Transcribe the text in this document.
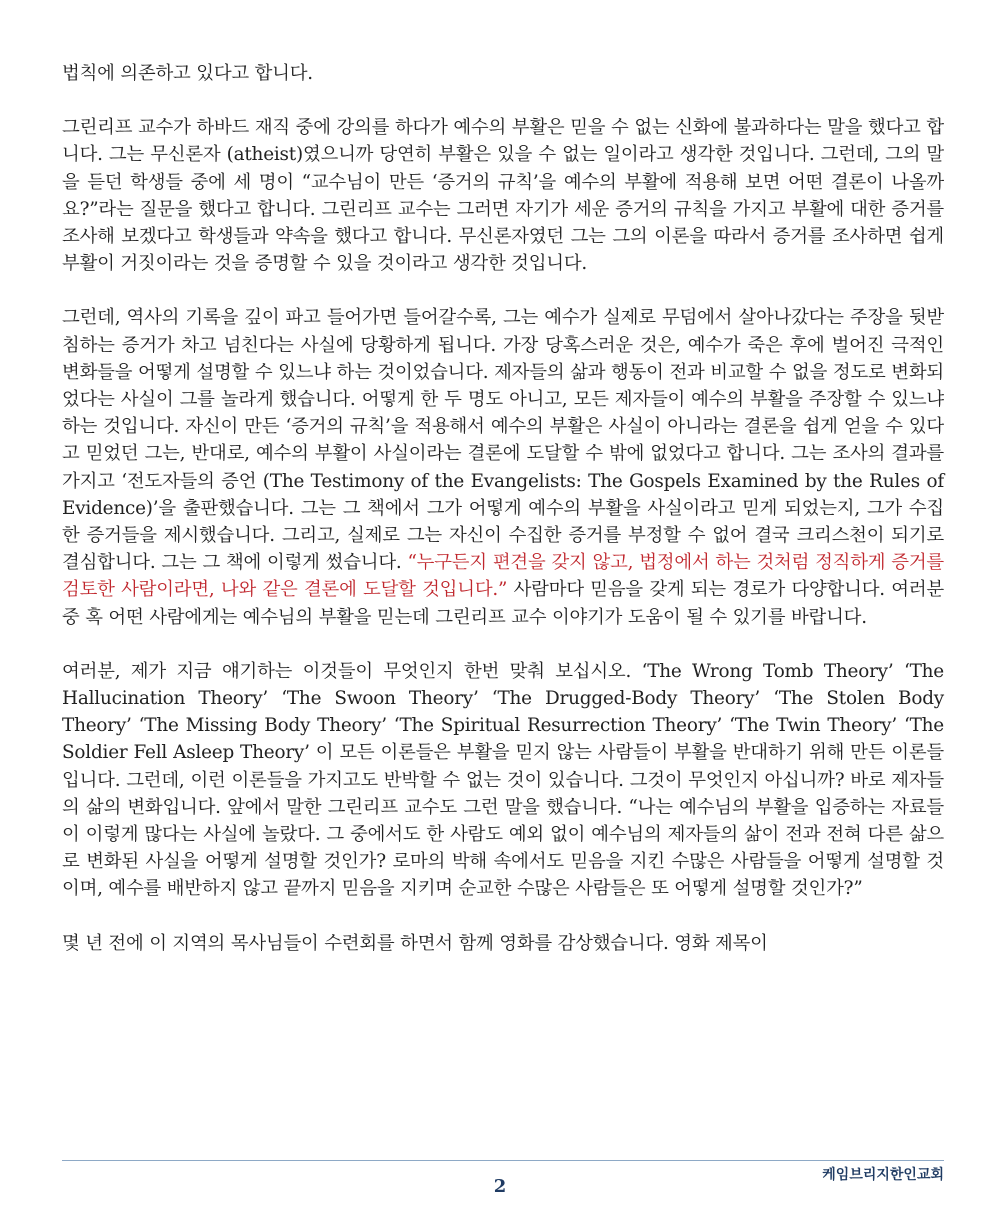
법칙에 의존하고 있다고 합니다.

그린리프 교수가 하바드 재직 중에 강의를 하다가 예수의 부활은 믿을 수 없는 신화에 불과하다는 말을 했다고 합니다. 그는 무신론자 (atheist)였으니까 당연히 부활은 있을 수 없는 일이라고 생각한 것입니다. 그런데, 그의 말을 듣던 학생들 중에 세 명이 “교수님이 만든 ‘증거의 규칙’을 예수의 부활에 적용해 보면 어떤 결론이 나올까요?”라는 질문을 했다고 합니다. 그린리프 교수는 그러면 자기가 세운 증거의 규칙을 가지고 부활에 대한 증거를 조사해 보겠다고 학생들과 약속을 했다고 합니다. 무신론자였던 그는 그의 이론을 따라서 증거를 조사하면 쉽게 부활이 거짓이라는 것을 증명할 수 있을 것이라고 생각한 것입니다.

그런데, 역사의 기록을 깊이 파고 들어가면 들어갈수록, 그는 예수가 실제로 무덤에서 살아나갔다는 주장을 뒷받침하는 증거가 차고 넘친다는 사실에 당황하게 됩니다. 가장 당혹스러운 것은, 예수가 죽은 후에 벌어진 극적인 변화들을 어떻게 설명할 수 있느냐 하는 것이었습니다. 제자들의 삶과 행동이 전과 비교할 수 없을 정도로 변화되었다는 사실이 그를 놀라게 했습니다. 어떻게 한 두 명도 아니고, 모든 제자들이 예수의 부활을 주장할 수 있느냐 하는 것입니다. 자신이 만든 ‘증거의 규칙’을 적용해서 예수의 부활은 사실이 아니라는 결론을 쉽게 얻을 수 있다고 믿었던 그는, 반대로, 예수의 부활이 사실이라는 결론에 도달할 수 밖에 없었다고 합니다. 그는 조사의 결과를 가지고 ‘전도자들의 증언 (The Testimony of the Evangelists: The Gospels Examined by the Rules of Evidence)’을 출판했습니다. 그는 그 책에서 그가 어떻게 예수의 부활을 사실이라고 믿게 되었는지, 그가 수집한 증거들을 제시했습니다. 그리고, 실제로 그는 자신이 수집한 증거를 부정할 수 없어 결국 크리스천이 되기로 결심합니다. 그는 그 책에 이렇게 썼습니다. “누구든지 편견을 갖지 않고, 법정에서 하는 것처럼 정직하게 증거를 검토한 사람이라면, 나와 같은 결론에 도달할 것입니다.” 사람마다 믿음을 갖게 되는 경로가 다양합니다. 여러분 중 혹 어떤 사람에게는 예수님의 부활을 믿는데 그린리프 교수 이야기가 도움이 될 수 있기를 바랍니다.

여러분, 제가 지금 얘기하는 이것들이 무엇인지 한번 맞춰 보십시오. ‘The Wrong Tomb Theory’ ‘The Hallucination Theory’ ‘The Swoon Theory’ ‘The Drugged-Body Theory’ ‘The Stolen Body Theory’ ‘The Missing Body Theory’ ‘The Spiritual Resurrection Theory’ ‘The Twin Theory’ ‘The Soldier Fell Asleep Theory’ 이 모든 이론들은 부활을 믿지 않는 사람들이 부활을 반대하기 위해 만든 이론들입니다. 그런데, 이런 이론들을 가지고도 반박할 수 없는 것이 있습니다. 그것이 무엇인지 아십니까? 바로 제자들의 삶의 변화입니다. 앞에서 말한 그린리프 교수도 그런 말을 했습니다. “나는 예수님의 부활을 입증하는 자료들이 이렇게 많다는 사실에 놀랐다. 그 중에서도 한 사람도 예외 없이 예수님의 제자들의 삶이 전과 전혀 다른 삶으로 변화된 사실을 어떻게 설명할 것인가? 로마의 박해 속에서도 믿음을 지킨 수많은 사람들을 어떻게 설명할 것이며, 예수를 배반하지 않고 끝까지 믿음을 지키며 순교한 수많은 사람들은 또 어떻게 설명할 것인가?”

몇 년 전에 이 지역의 목사님들이 수련회를 하면서 함께 영화를 감상했습니다. 영화 제목이

케임브리지한인교회
2
